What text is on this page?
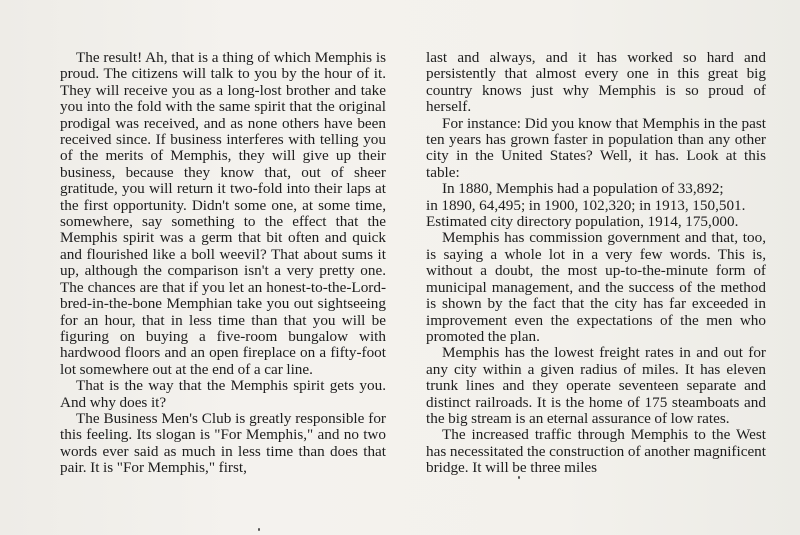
The result! Ah, that is a thing of which Memphis is proud. The citizens will talk to you by the hour of it. They will receive you as a long-lost brother and take you into the fold with the same spirit that the original prodigal was received, and as none others have been received since. If business interferes with telling you of the merits of Memphis, they will give up their business, because they know that, out of sheer gratitude, you will return it two-fold into their laps at the first opportunity. Didn't some one, at some time, somewhere, say something to the effect that the Memphis spirit was a germ that bit often and quick and flourished like a boll weevil? That about sums it up, although the comparison isn't a very pretty one. The chances are that if you let an honest-to-the-Lord-bred-in-the-bone Memphian take you out sightseeing for an hour, that in less time than that you will be figuring on buying a five-room bungalow with hardwood floors and an open fireplace on a fifty-foot lot somewhere out at the end of a car line.

That is the way that the Memphis spirit gets you. And why does it?

The Business Men's Club is greatly responsible for this feeling. Its slogan is "For Memphis," and no two words ever said as much in less time than does that pair. It is "For Memphis," first,

last and always, and it has worked so hard and persistently that almost every one in this great big country knows just why Memphis is so proud of herself.

For instance: Did you know that Memphis in the past ten years has grown faster in population than any other city in the United States? Well, it has. Look at this table:

In 1880, Memphis had a population of 33,892;

in 1890, 64,495; in 1900, 102,320; in 1913, 150,501.

Estimated city directory population, 1914, 175,000.

Memphis has commission government and that, too, is saying a whole lot in a very few words. This is, without a doubt, the most up-to-the-minute form of municipal management, and the success of the method is shown by the fact that the city has far exceeded in improvement even the expectations of the men who promoted the plan.

Memphis has the lowest freight rates in and out for any city within a given radius of miles. It has eleven trunk lines and they operate seventeen separate and distinct railroads. It is the home of 175 steamboats and the big stream is an eternal assurance of low rates.

The increased traffic through Memphis to the West has necessitated the construction of another magnificent bridge. It will be three miles
